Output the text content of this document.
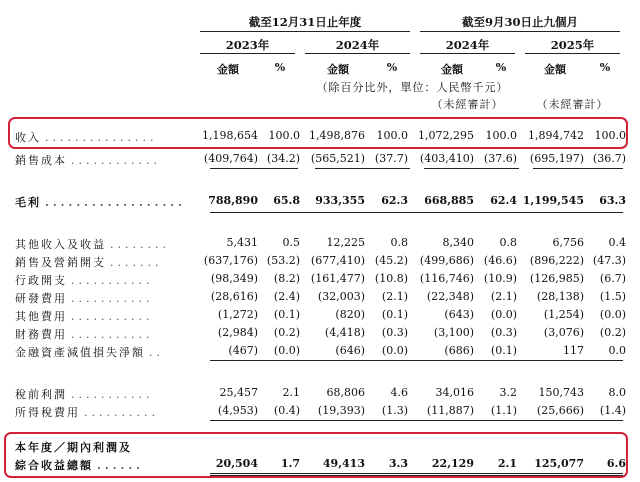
截至12月31日止年度	截至9月30日止九個月
2023年	2024年	2024年	2025年
金額	%	金額	%	金額	%	金額	%
（除百分比外，單位：人民幣千元）
（未經審計）	（未經審計）
收入 ...............	1,198,654 100.0 1,498,876 100.0 1,072,295 100.0 1,894,742 100.0
銷售成本 ............	(409,764) (34.2) (565,521) (37.7) (403,410) (37.6) (695,197) (36.7)
毛利 .................. 788,890 65.8 933,355 62.3 668,885 62.4 1,199,545 63.3
其他收入及收益 ........	5,431 0.5 12,225 0.8	8,340 0.8	6,756 0.4
銷售及營銷開支 .......	(637,176) (53.2) (677,410) (45.2) (499,686) (46.6) (896,222) (47.3)
行政開支 ...........	(98,349) (8.2) (161,477) (10.8) (116,746) (10.9) (126,985) (6.7)
研發費用 ...........	(28,616) (2.4) (32,003) (2.1) (22,348) (2.1) (28,138) (1.5)
其他費用 ...........	(1,272) (0.1)	(820) (0.1)	(643) (0.0) (1,254) (0.0)
財務費用 ...........	(2,984) (0.2) (4,418) (0.3) (3,100) (0.3) (3,076) (0.2)
金融資產減值損失淨額 ..	(467) (0.0)	(646) (0.0)	(686) (0.1)	117 0.0
稅前利潤 ...........	25,457 2.1 68,806 4.6	34,016 3.2 150,743 8.0
所得稅費用 ..........	(4,953) (0.4) (19,393) (1.3) (11,887) (1.1) (25,666) (1.4)
本年度／期內利潤及
綜合收益總額 ......	20,504 1.7 49,413 3.3 22,129 2.1 125,077 6.6
